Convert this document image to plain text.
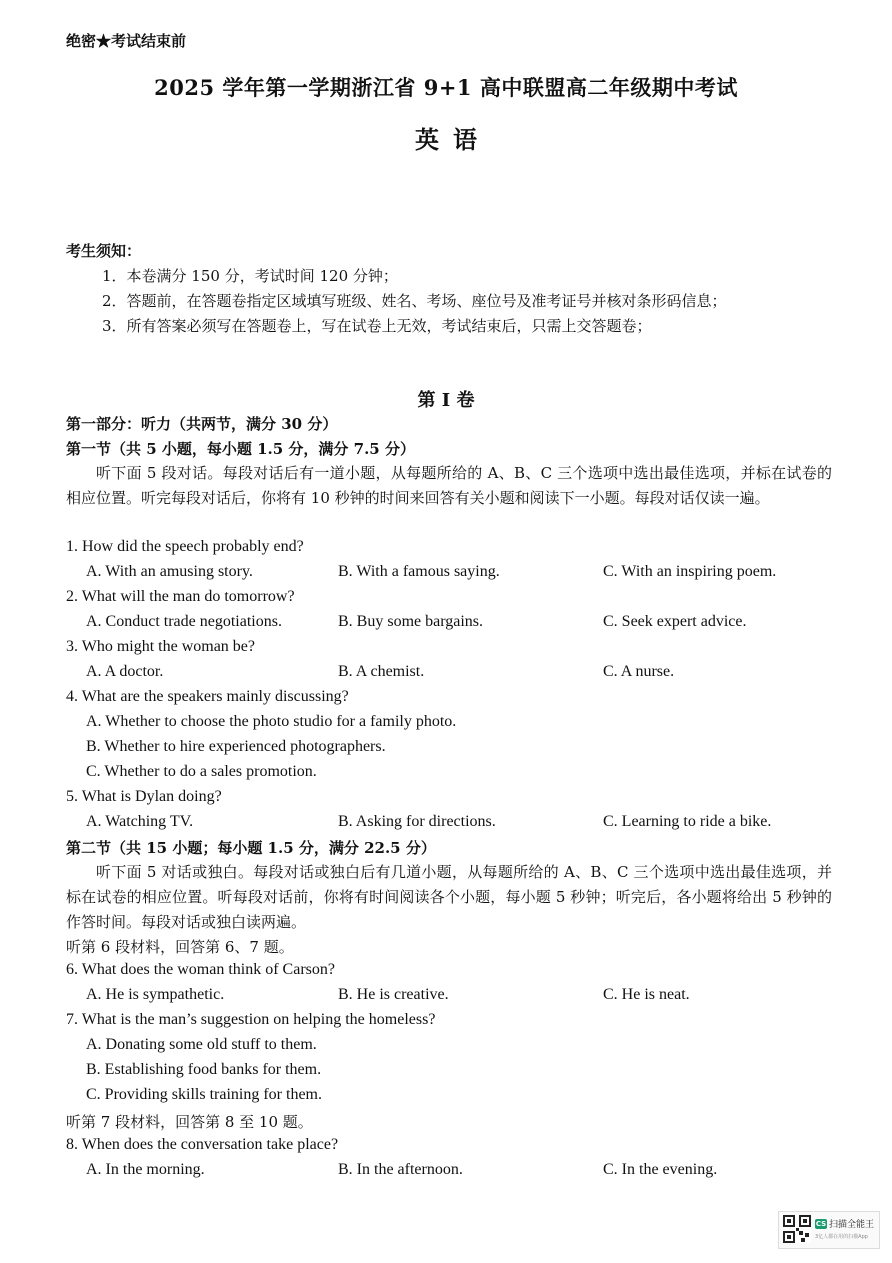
绝密★考试结束前
2025 学年第一学期浙江省 9+1 高中联盟高二年级期中考试
英语
考生须知：
1．本卷满分 150 分，考试时间 120 分钟；
2．答题前，在答题卷指定区域填写班级、姓名、考场、座位号及准考证号并核对条形码信息；
3．所有答案必须写在答题卷上，写在试卷上无效，考试结束后，只需上交答题卷；
第 I 卷
第一部分：听力（共两节，满分 30 分）
第一节（共 5 小题，每小题 1.5 分，满分 7.5 分）
听下面 5 段对话。每段对话后有一道小题，从每题所给的 A、B、C 三个选项中选出最佳选项，并标在试卷的相应位置。听完每段对话后，你将有 10 秒钟的时间来回答有关小题和阅读下一小题。每段对话仅读一遍。
1. How did the speech probably end?
A. With an amusing story.	B. With a famous saying.	C. With an inspiring poem.
2. What will the man do tomorrow?
A. Conduct trade negotiations.	B. Buy some bargains.	C. Seek expert advice.
3. Who might the woman be?
A. A doctor.	B. A chemist.	C. A nurse.
4. What are the speakers mainly discussing?
A. Whether to choose the photo studio for a family photo.
B. Whether to hire experienced photographers.
C. Whether to do a sales promotion.
5. What is Dylan doing?
A. Watching TV.	B. Asking for directions.	C. Learning to ride a bike.
第二节（共 15 小题；每小题 1.5 分，满分 22.5 分）
听下面 5 对话或独白。每段对话或独白后有几道小题，从每题所给的 A、B、C 三个选项中选出最佳选项，并标在试卷的相应位置。听每段对话前，你将有时间阅读各个小题，每小题 5 秒钟；听完后，各小题将给出 5 秒钟的作答时间。每段对话或独白读两遍。
听第 6 段材料，回答第 6、7 题。
6. What does the woman think of Carson?
A. He is sympathetic.	B. He is creative.	C. He is neat.
7. What is the man’s suggestion on helping the homeless?
A. Donating some old stuff to them.
B. Establishing food banks for them.
C. Providing skills training for them.
听第 7 段材料，回答第 8 至 10 题。
8. When does the conversation take place?
A. In the morning.	B. In the afternoon.	C. In the evening.
CS 扫描全能王
3亿人都在用的扫描App
